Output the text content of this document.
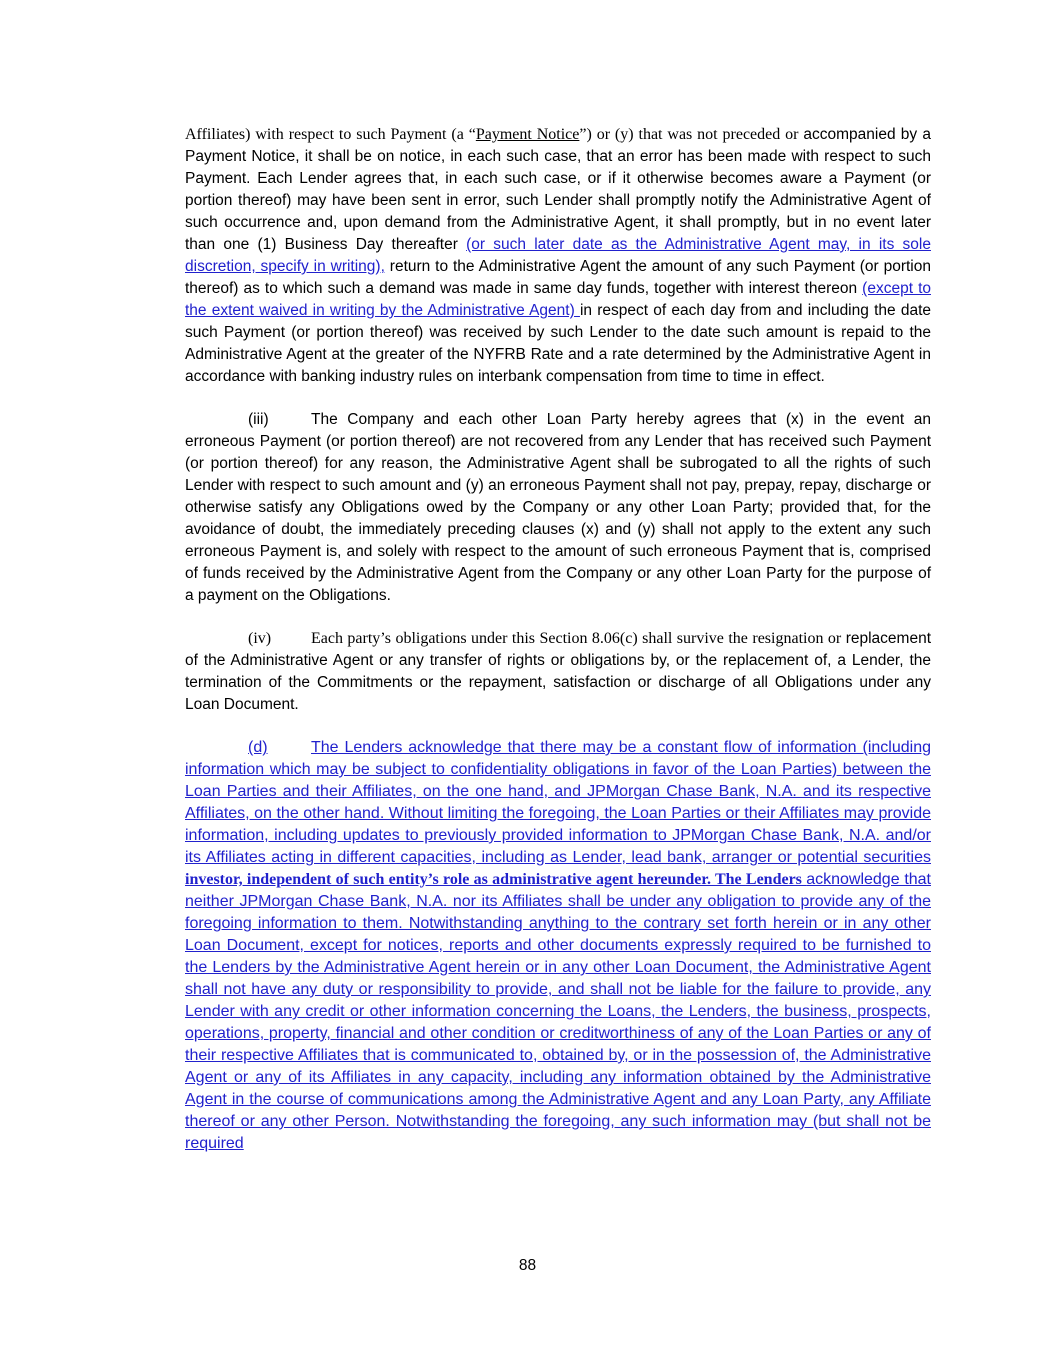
Affiliates) with respect to such Payment (a “Payment Notice”) or (y) that was not preceded or accompanied by a Payment Notice, it shall be on notice, in each such case, that an error has been made with respect to such Payment. Each Lender agrees that, in each such case, or if it otherwise becomes aware a Payment (or portion thereof) may have been sent in error, such Lender shall promptly notify the Administrative Agent of such occurrence and, upon demand from the Administrative Agent, it shall promptly, but in no event later than one (1) Business Day thereafter (or such later date as the Administrative Agent may, in its sole discretion, specify in writing), return to the Administrative Agent the amount of any such Payment (or portion thereof) as to which such a demand was made in same day funds, together with interest thereon (except to the extent waived in writing by the Administrative Agent) in respect of each day from and including the date such Payment (or portion thereof) was received by such Lender to the date such amount is repaid to the Administrative Agent at the greater of the NYFRB Rate and a rate determined by the Administrative Agent in accordance with banking industry rules on interbank compensation from time to time in effect.

(iii)	The Company and each other Loan Party hereby agrees that (x) in the event an erroneous Payment (or portion thereof) are not recovered from any Lender that has received such Payment (or portion thereof) for any reason, the Administrative Agent shall be subrogated to all the rights of such Lender with respect to such amount and (y) an erroneous Payment shall not pay, prepay, repay, discharge or otherwise satisfy any Obligations owed by the Company or any other Loan Party; provided that, for the avoidance of doubt, the immediately preceding clauses (x) and (y) shall not apply to the extent any such erroneous Payment is, and solely with respect to the amount of such erroneous Payment that is, comprised of funds received by the Administrative Agent from the Company or any other Loan Party for the purpose of a payment on the Obligations.

(iv) Each party’s obligations under this Section 8.06(c) shall survive the resignation or replacement of the Administrative Agent or any transfer of rights or obligations by, or the replacement of, a Lender, the termination of the Commitments or the repayment, satisfaction or discharge of all Obligations under any Loan Document.

(d)	The Lenders acknowledge that there may be a constant flow of information (including information which may be subject to confidentiality obligations in favor of the Loan Parties) between the Loan Parties and their Affiliates, on the one hand, and JPMorgan Chase Bank, N.A. and its respective Affiliates, on the other hand. Without limiting the foregoing, the Loan Parties or their Affiliates may provide information, including updates to previously provided information to JPMorgan Chase Bank, N.A. and/or its Affiliates acting in different capacities, including as Lender, lead bank, arranger or potential securities investor, independent of such entity’s role as administrative agent hereunder. The Lenders acknowledge that neither JPMorgan Chase Bank, N.A. nor its Affiliates shall be under any obligation to provide any of the foregoing information to them. Notwithstanding anything to the contrary set forth herein or in any other Loan Document, except for notices, reports and other documents expressly required to be furnished to the Lenders by the Administrative Agent herein or in any other Loan Document, the Administrative Agent shall not have any duty or responsibility to provide, and shall not be liable for the failure to provide, any Lender with any credit or other information concerning the Loans, the Lenders, the business, prospects, operations, property, financial and other condition or creditworthiness of any of the Loan Parties or any of their respective Affiliates that is communicated to, obtained by, or in the possession of, the Administrative Agent or any of its Affiliates in any capacity, including any information obtained by the Administrative Agent in the course of communications among the Administrative Agent and any Loan Party, any Affiliate thereof or any other Person. Notwithstanding the foregoing, any such information may (but shall not be required

88
